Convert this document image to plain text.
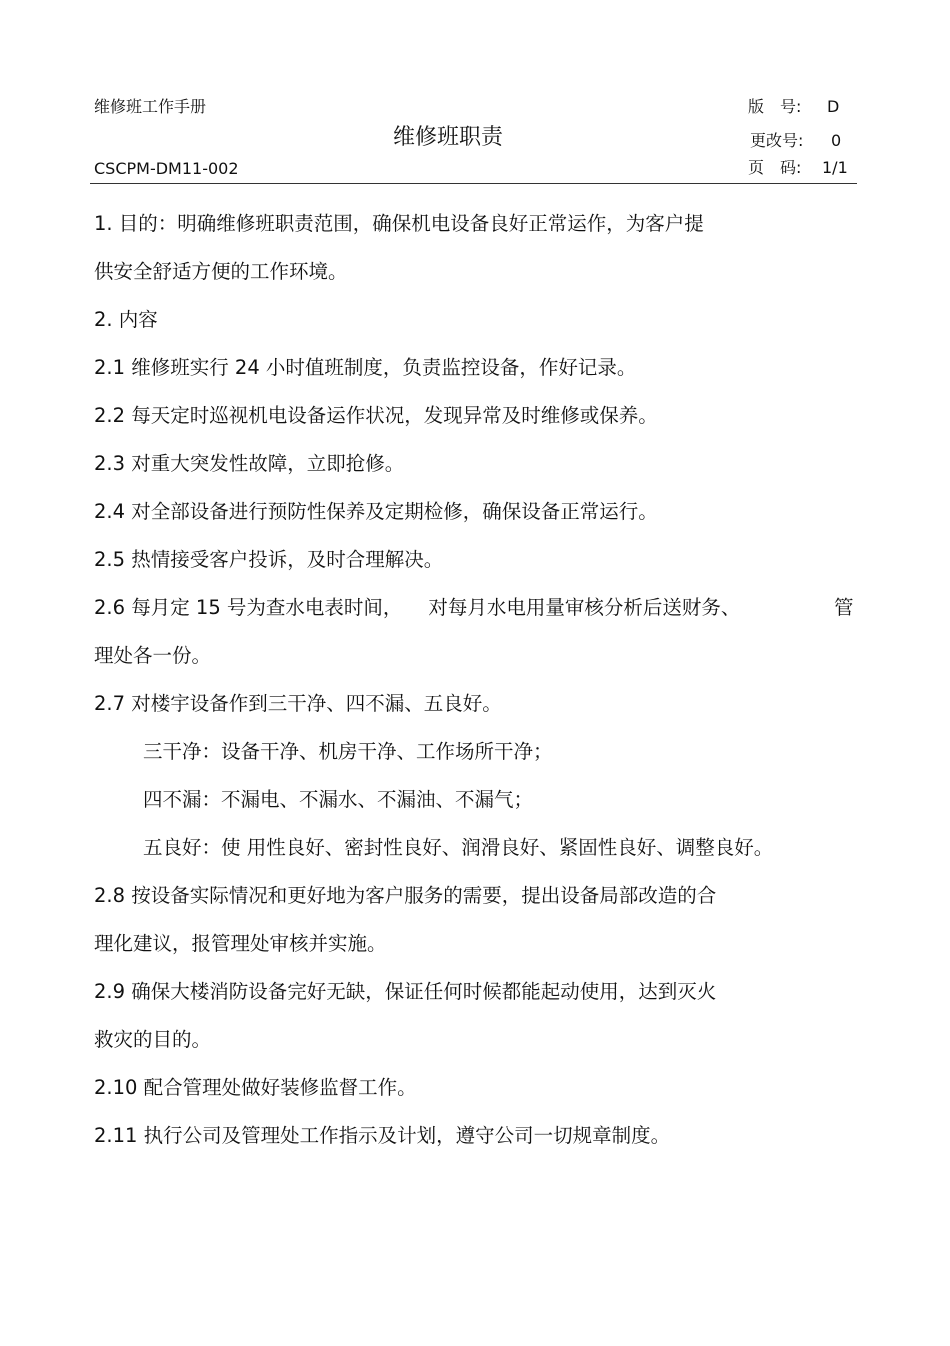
维修班工作手册
维修班职责
CSCPM-DM11-002
版　号: D
更改号: 0
页　码: 1/1
1. 目的：明确维修班职责范围，确保机电设备良好正常运作，为客户提
供安全舒适方便的工作环境。
2. 内容
2.1 维修班实行 24 小时值班制度，负责监控设备，作好记录。
2.2 每天定时巡视机电设备运作状况，发现异常及时维修或保养。
2.3 对重大突发性故障，立即抢修。
2.4 对全部设备进行预防性保养及定期检修，确保设备正常运行。
2.5 热情接受客户投诉，及时合理解决。
2.6 每月定 15 号为查水电表时间， 对每月水电用量审核分析后送财务、	管
理处各一份。
2.7 对楼宇设备作到三干净、四不漏、五良好。
三干净：设备干净、机房干净、工作场所干净；
四不漏：不漏电、不漏水、不漏油、不漏气；
五良好：使 用性良好、密封性良好、润滑良好、紧固性良好、调整良好。
2.8 按设备实际情况和更好地为客户服务的需要，提出设备局部改造的合
理化建议，报管理处审核并实施。
2.9 确保大楼消防设备完好无缺，保证任何时候都能起动使用，达到灭火
救灾的目的。
2.10 配合管理处做好装修监督工作。
2.11 执行公司及管理处工作指示及计划，遵守公司一切规章制度。
